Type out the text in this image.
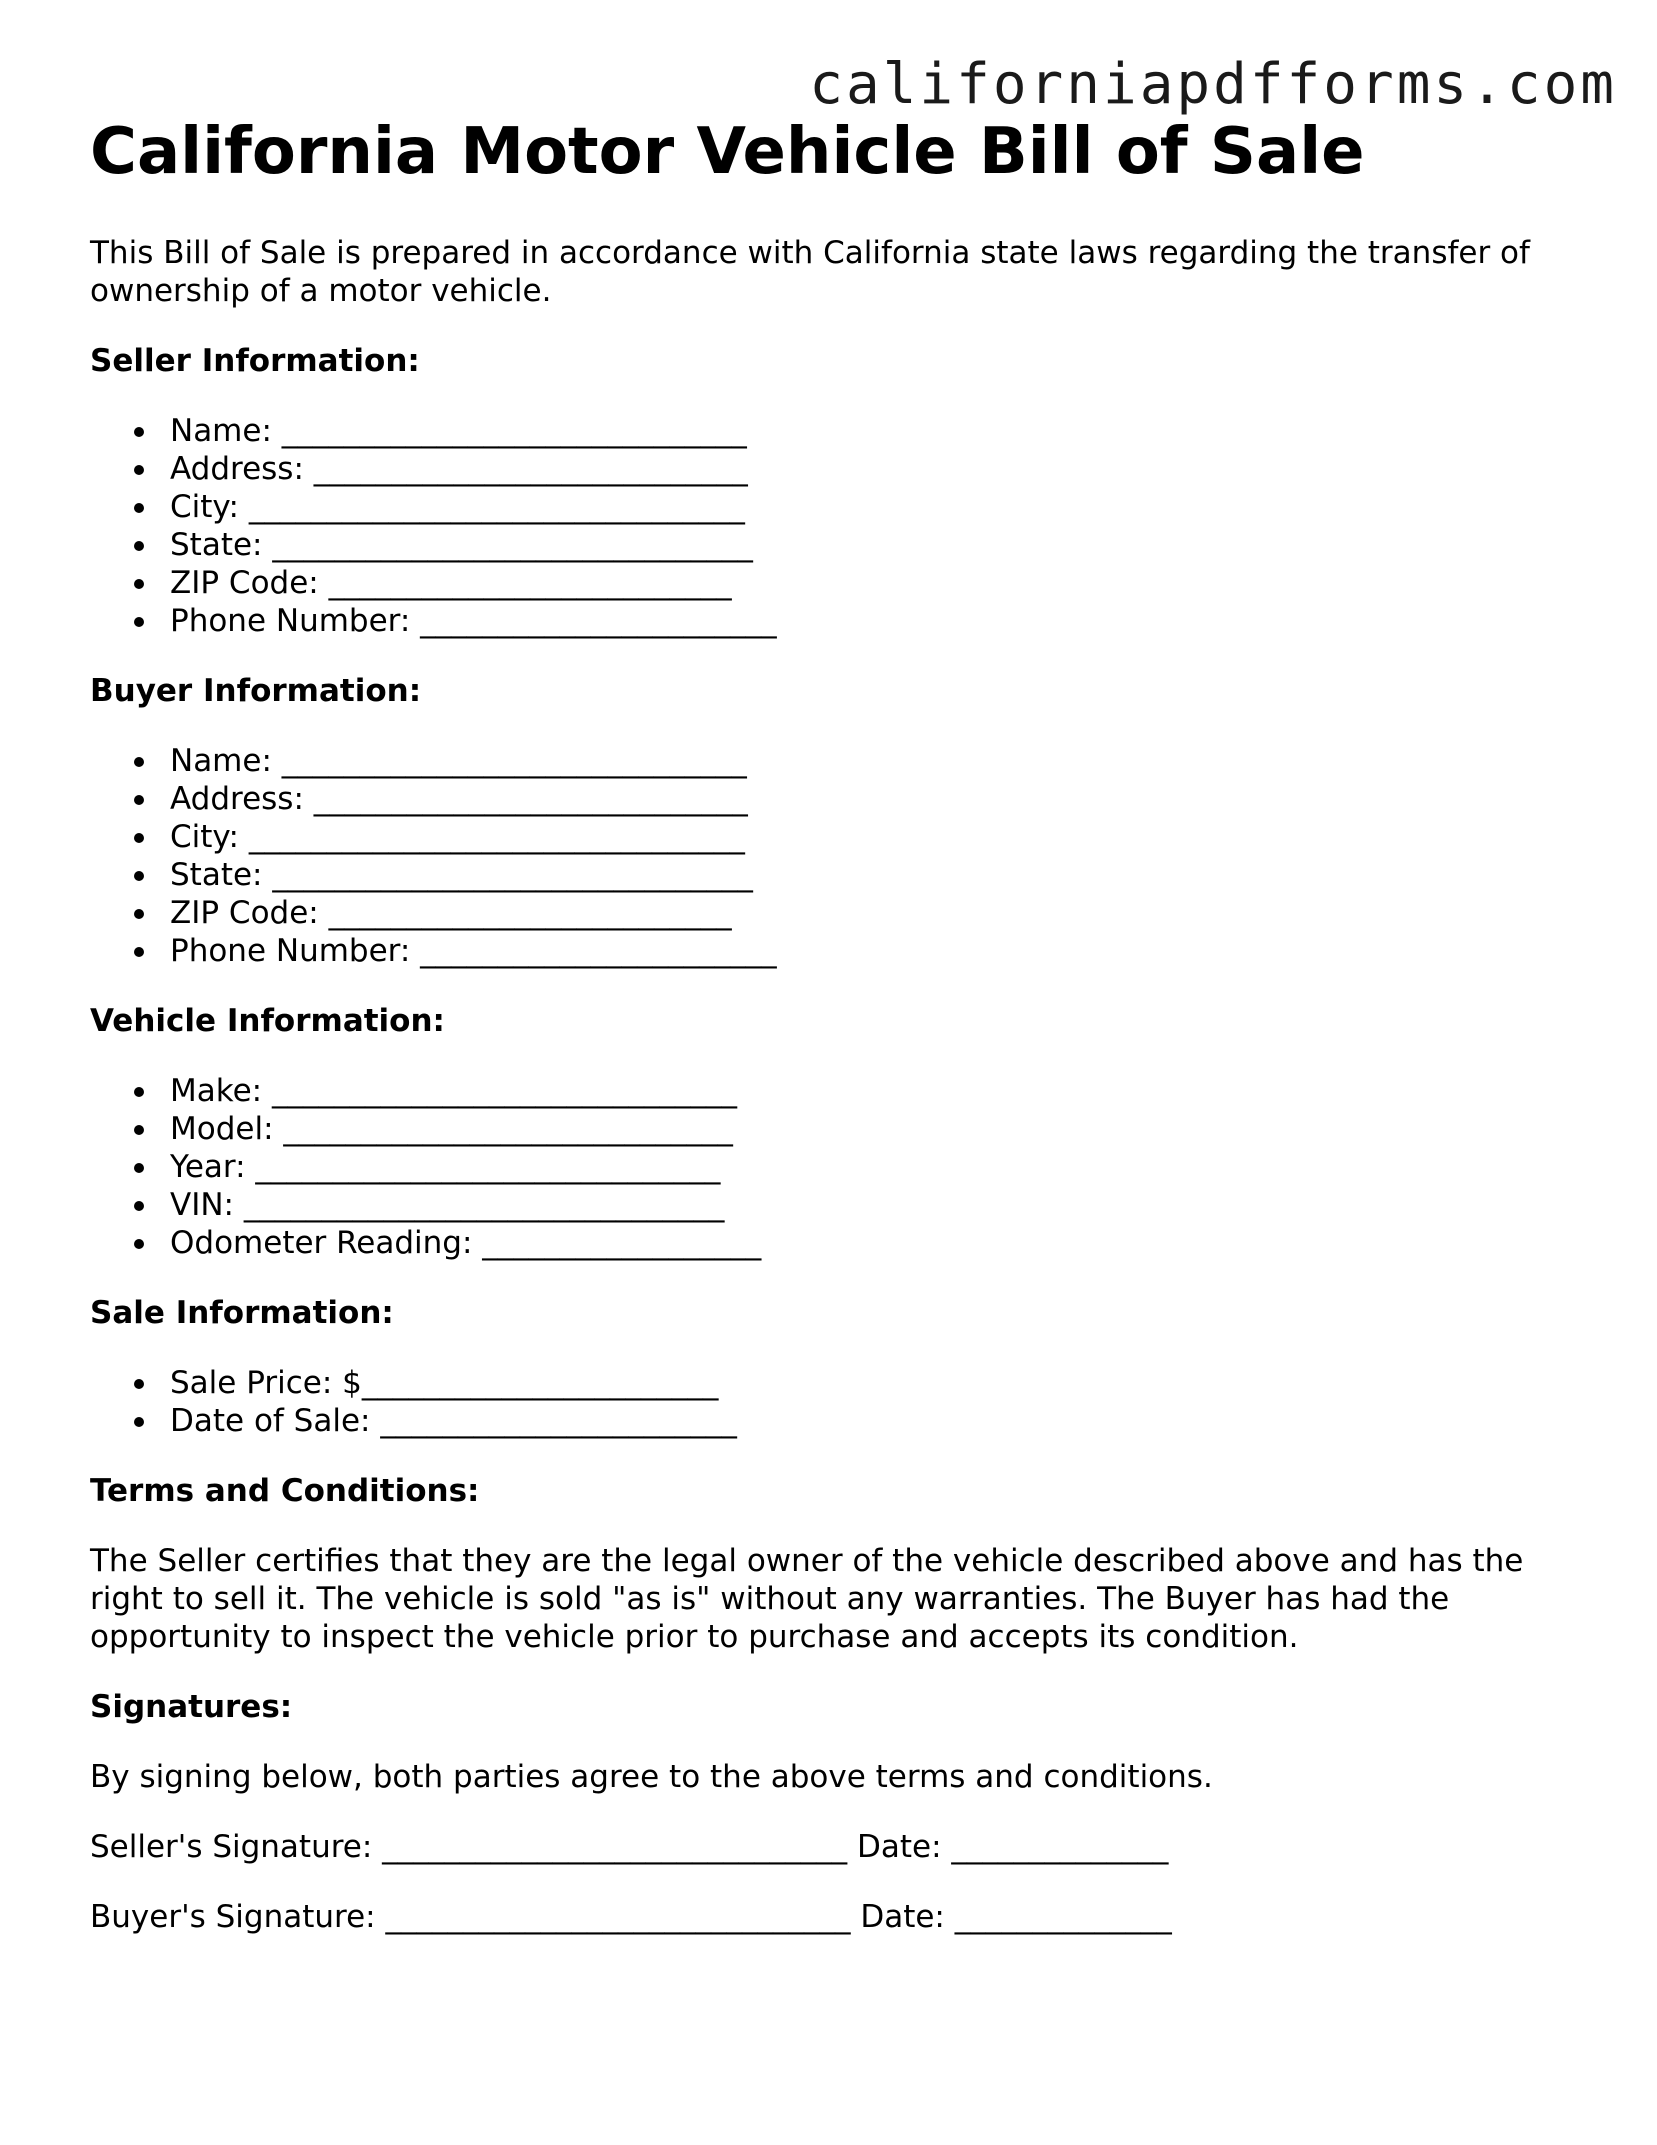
californiapdfforms.com
California Motor Vehicle Bill of Sale

This Bill of Sale is prepared in accordance with California state laws regarding the transfer of ownership of a motor vehicle.

Seller Information:
Name: ______________________________
Address: ____________________________
City: ________________________________
State: _______________________________
ZIP Code: __________________________
Phone Number: _______________________
Buyer Information:
Name: ______________________________
Address: ____________________________
City: ________________________________
State: _______________________________
ZIP Code: __________________________
Phone Number: _______________________
Vehicle Information:
Make: ______________________________
Model: _____________________________
Year: ______________________________
VIN: _______________________________
Odometer Reading: __________________
Sale Information:
Sale Price: $_______________________
Date of Sale: _______________________
Terms and Conditions:

The Seller certifies that they are the legal owner of the vehicle described above and has the right to sell it. The vehicle is sold "as is" without any warranties. The Buyer has had the opportunity to inspect the vehicle prior to purchase and accepts its condition.

Signatures:

By signing below, both parties agree to the above terms and conditions.

Seller's Signature: ______________________________ Date: ______________
Buyer's Signature: ______________________________ Date: ______________
